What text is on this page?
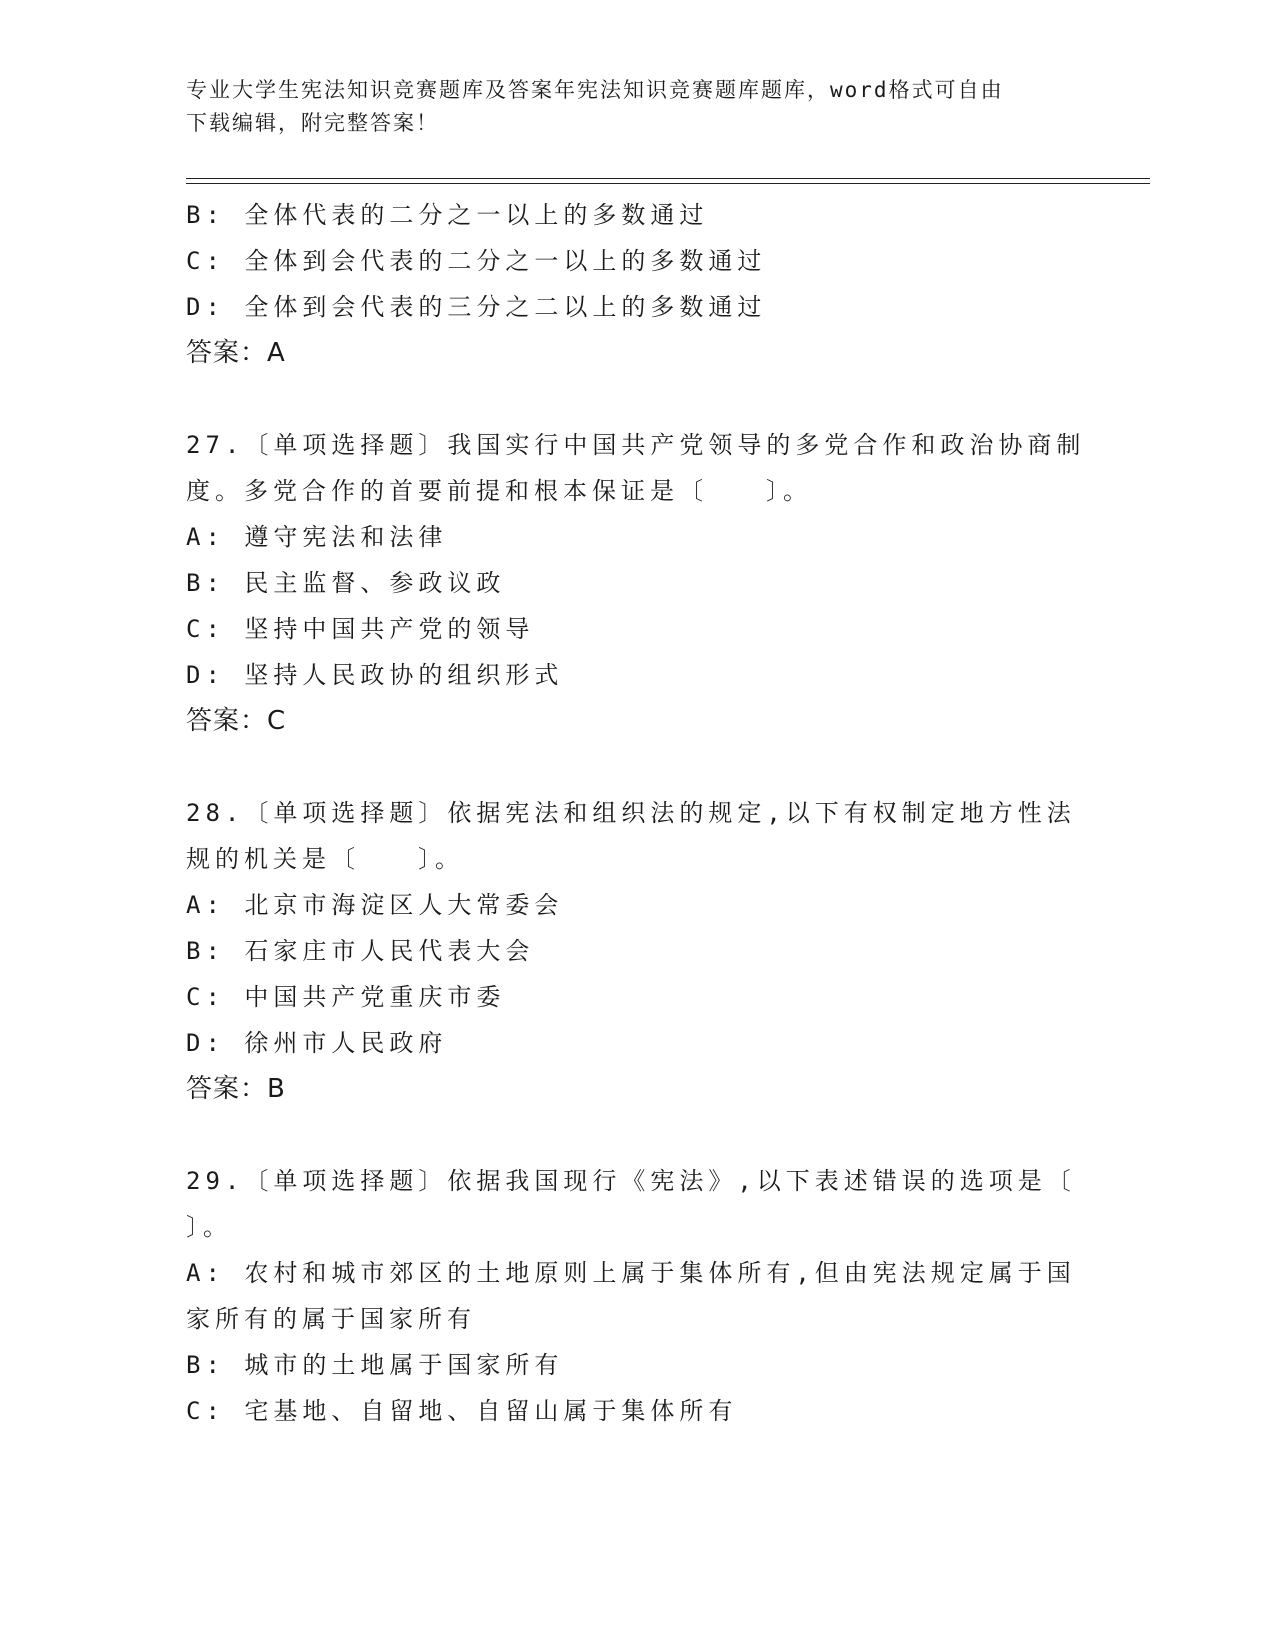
专业大学生宪法知识竞赛题库及答案年宪法知识竞赛题库题库，word格式可自由
下载编辑，附完整答案！
B: 全体代表的二分之一以上的多数通过
C: 全体到会代表的二分之一以上的多数通过
D: 全体到会代表的三分之二以上的多数通过
答案：A
27.〔单项选择题〕我国实行中国共产党领导的多党合作和政治协商制
度。多党合作的首要前提和根本保证是〔　　〕。
A: 遵守宪法和法律
B: 民主监督、参政议政
C: 坚持中国共产党的领导
D: 坚持人民政协的组织形式
答案：C
28.〔单项选择题〕依据宪法和组织法的规定,以下有权制定地方性法
规的机关是〔　　〕。
A: 北京市海淀区人大常委会
B: 石家庄市人民代表大会
C: 中国共产党重庆市委
D: 徐州市人民政府
答案：B
29.〔单项选择题〕依据我国现行《宪法》,以下表述错误的选项是〔
〕。
A: 农村和城市郊区的土地原则上属于集体所有,但由宪法规定属于国
家所有的属于国家所有
B: 城市的土地属于国家所有
C: 宅基地、自留地、自留山属于集体所有
